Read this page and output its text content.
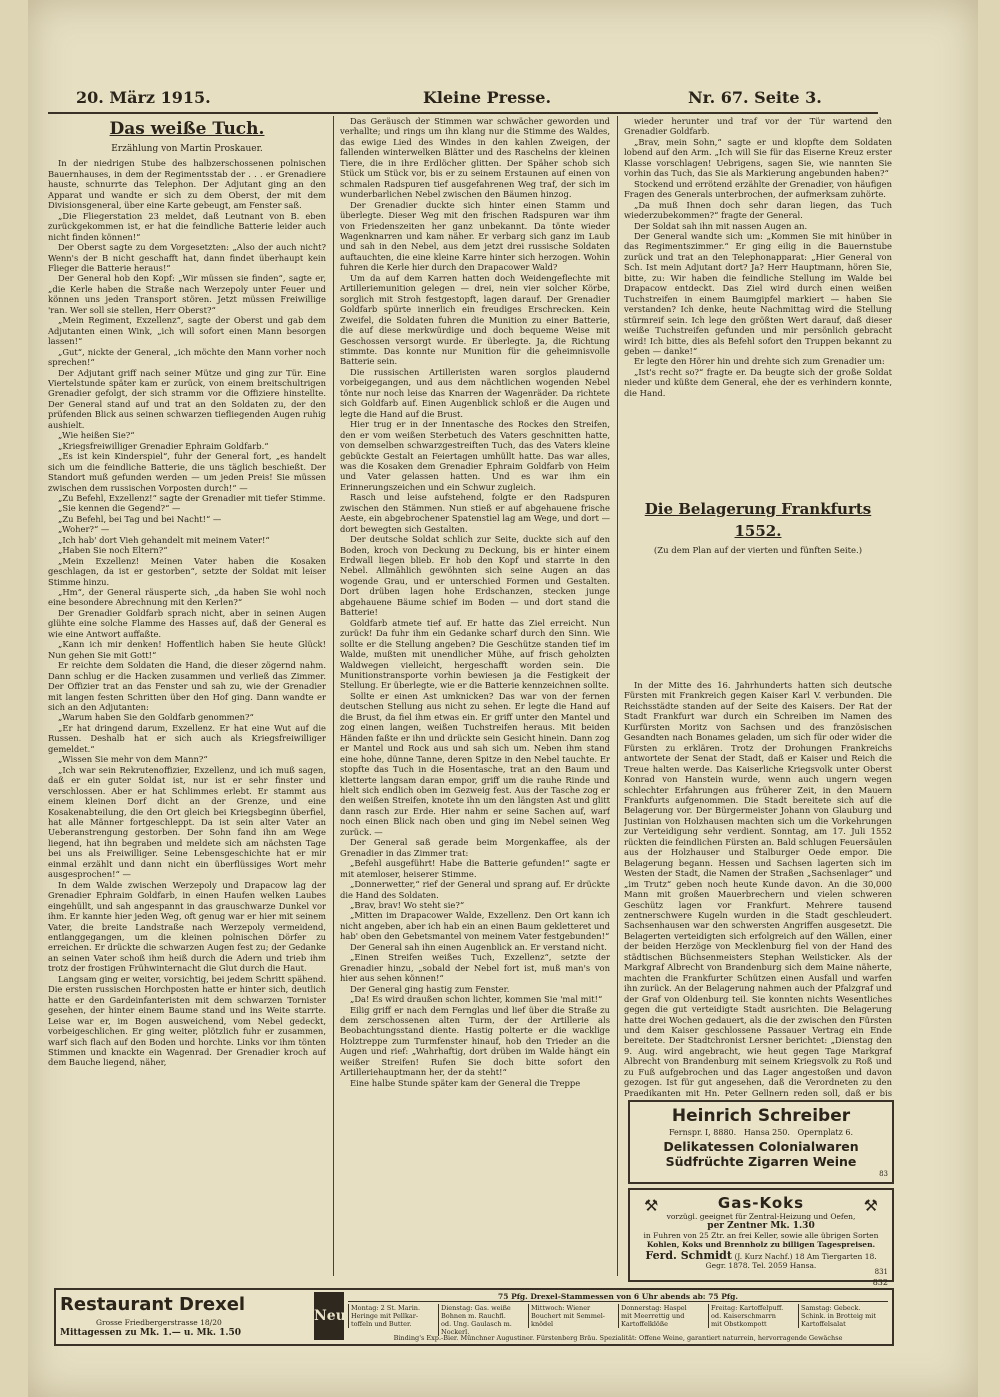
20. März 1915.	Kleine Presse.	Nr. 67. Seite 3.
Das weiße Tuch.
Erzählung von Martin Proskauer.

In der niedrigen Stube des halbzerschossenen polnischen Bauernhauses, in dem der Regimentsstab der . . . er Grenadiere hauste, schnurrte das Telephon. Der Adjutant ging an den Apparat und wandte er sich zu dem Oberst, der mit dem Divisionsgeneral, über eine Karte gebeugt, am Fenster saß.

„Die Fliegerstation 23 meldet, daß Leutnant von B. eben zurückgekommen ist, er hat die feindliche Batterie leider auch nicht finden können!“

Der Oberst sagte zu dem Vorgesetzten: „Also der auch nicht? Wenn's der B nicht geschafft hat, dann findet überhaupt kein Flieger die Batterie heraus!“

Der General hob den Kopf: „Wir müssen sie finden“, sagte er, „die Kerle haben die Straße nach Werzepoly unter Feuer und können uns jeden Transport stören. Jetzt müssen Freiwillige 'ran. Wer soll sie stellen, Herr Oberst?“

„Mein Regiment, Exzellenz“, sagte der Oberst und gab dem Adjutanten einen Wink, „ich will sofort einen Mann besorgen lassen!“

„Gut“, nickte der General, „ich möchte den Mann vorher noch sprechen!“

Der Adjutant griff nach seiner Mütze und ging zur Tür. Eine Viertelstunde später kam er zurück, von einem breitschultrigen Grenadier gefolgt, der sich stramm vor die Offiziere hinstellte. Der General stand auf und trat an den Soldaten zu, der den prüfenden Blick aus seinen schwarzen tiefliegenden Augen ruhig aushielt.

„Wie heißen Sie?“

„Kriegsfreiwilliger Grenadier Ephraim Goldfarb.“

„Es ist kein Kinderspiel“, fuhr der General fort, „es handelt sich um die feindliche Batterie, die uns täglich beschießt. Der Standort muß gefunden werden — um jeden Preis! Sie müssen zwischen dem russischen Vorposten durch!“ —

„Zu Befehl, Exzellenz!“ sagte der Grenadier mit tiefer Stimme.

„Sie kennen die Gegend?“ —

„Zu Befehl, bei Tag und bei Nacht!“ —

„Woher?“ —

„Ich hab' dort Vieh gehandelt mit meinem Vater!“

„Haben Sie noch Eltern?“

„Mein Exzellenz! Meinen Vater haben die Kosaken geschlagen, da ist er gestorben“, setzte der Soldat mit leiser Stimme hinzu.

„Hm“, der General räusperte sich, „da haben Sie wohl noch eine besondere Abrechnung mit den Kerlen?“

Der Grenadier Goldfarb sprach nicht, aber in seinen Augen glühte eine solche Flamme des Hasses auf, daß der General es wie eine Antwort auffaßte.

„Kann ich mir denken! Hoffentlich haben Sie heute Glück! Nun gehen Sie mit Gott!“

Er reichte dem Soldaten die Hand, die dieser zögernd nahm. Dann schlug er die Hacken zusammen und verließ das Zimmer. Der Offizier trat an das Fenster und sah zu, wie der Grenadier mit langen festen Schritten über den Hof ging. Dann wandte er sich an den Adjutanten:

„Warum haben Sie den Goldfarb genommen?“

„Er hat dringend darum, Exzellenz. Er hat eine Wut auf die Russen. Deshalb hat er sich auch als Kriegsfreiwilliger gemeldet.“

„Wissen Sie mehr von dem Mann?“

„Ich war sein Rekrutenoffizier, Exzellenz, und ich muß sagen, daß er ein guter Soldat ist, nur ist er sehr finster und verschlossen. Aber er hat Schlimmes erlebt. Er stammt aus einem kleinen Dorf dicht an der Grenze, und eine Kosakenabteilung, die den Ort gleich bei Kriegsbeginn überfiel, hat alle Männer fortgeschleppt. Da ist sein alter Vater an Ueberanstrengung gestorben. Der Sohn fand ihn am Wege liegend, hat ihn begraben und meldete sich am nächsten Tage bei uns als Freiwilliger. Seine Lebensgeschichte hat er mir einmal erzählt und dann nicht ein überflüssiges Wort mehr ausgesprochen!“ —

In dem Walde zwischen Werzepoly und Drapacow lag der Grenadier Ephraim Goldfarb, in einen Haufen welken Laubes eingehüllt, und sah angespannt in das grauschwarze Dunkel vor ihm. Er kannte hier jeden Weg, oft genug war er hier mit seinem Vater, die breite Landstraße nach Werzepoly vermeidend, entlanggegangen, um die kleinen polnischen Dörfer zu erreichen. Er drückte die schwarzen Augen fest zu; der Gedanke an seinen Vater schoß ihm heiß durch die Adern und trieb ihm trotz der frostigen Frühwinternacht die Glut durch die Haut.

Langsam ging er weiter, vorsichtig, bei jedem Schritt spähend. Die ersten russischen Horchposten hatte er hinter sich, deutlich hatte er den Gardeinfanteristen mit dem schwarzen Tornister gesehen, der hinter einem Baume stand und ins Weite starrte. Leise war er, im Bogen ausweichend, vom Nebel gedeckt, vorbeigeschlichen. Er ging weiter, plötzlich fuhr er zusammen, warf sich flach auf den Boden und horchte. Links vor ihm tönten Stimmen und knackte ein Wagenrad. Der Grenadier kroch auf dem Bauche liegend, näher,

Das Geräusch der Stimmen war schwächer geworden und verhallte; und rings um ihn klang nur die Stimme des Waldes, das ewige Lied des Windes in den kahlen Zweigen, der fallenden winterwelken Blätter und des Raschelns der kleinen Tiere, die in ihre Erdlöcher glitten. Der Späher schob sich Stück um Stück vor, bis er zu seinem Erstaunen auf einen von schmalen Radspuren tief ausgefahrenen Weg traf, der sich im wunderbarlichen Nebel zwischen den Bäumen hinzog.

Der Grenadier duckte sich hinter einen Stamm und überlegte. Dieser Weg mit den frischen Radspuren war ihm von Friedenszeiten her ganz unbekannt. Da tönte wieder Wagenknarren und kam näher. Er verbarg sich ganz im Laub und sah in den Nebel, aus dem jetzt drei russische Soldaten auftauchten, die eine kleine Karre hinter sich herzogen. Wohin fuhren die Kerle hier durch den Drapacower Wald?

Um da auf dem Karren hatten doch Weidengeflechte mit Artilleriemunition gelegen — drei, nein vier solcher Körbe, sorglich mit Stroh festgestopft, lagen darauf. Der Grenadier Goldfarb spürte innerlich ein freudiges Erschrecken. Kein Zweifel, die Soldaten fuhren die Munition zu einer Batterie, die auf diese merkwürdige und doch bequeme Weise mit Geschossen versorgt wurde. Er überlegte. Ja, die Richtung stimmte. Das konnte nur Munition für die geheimnisvolle Batterie sein.

Die russischen Artilleristen waren sorglos plaudernd vorbeigegangen, und aus dem nächtlichen wogenden Nebel tönte nur noch leise das Knarren der Wagenräder. Da richtete sich Goldfarb auf. Einen Augenblick schloß er die Augen und legte die Hand auf die Brust.

Hier trug er in der Innentasche des Rockes den Streifen, den er vom weißen Sterbetuch des Vaters geschnitten hatte, von demselben schwarzgestreiften Tuch, das des Vaters kleine gebückte Gestalt an Feiertagen umhüllt hatte. Das war alles, was die Kosaken dem Grenadier Ephraim Goldfarb von Heim und Vater gelassen hatten. Und es war ihm ein Erinnerungszeichen und ein Schwur zugleich.

Rasch und leise aufstehend, folgte er den Radspuren zwischen den Stämmen. Nun stieß er auf abgehauene frische Aeste, ein abgebrochener Spatenstiel lag am Wege, und dort — dort bewegten sich Gestalten.

Der deutsche Soldat schlich zur Seite, duckte sich auf den Boden, kroch von Deckung zu Deckung, bis er hinter einem Erdwall liegen blieb. Er hob den Kopf und starrte in den Nebel. Allmählich gewöhnten sich seine Augen an das wogende Grau, und er unterschied Formen und Gestalten. Dort drüben lagen hohe Erdschanzen, stecken junge abgehauene Bäume schief im Boden — und dort stand die Batterie!

Goldfarb atmete tief auf. Er hatte das Ziel erreicht. Nun zurück! Da fuhr ihm ein Gedanke scharf durch den Sinn. Wie sollte er die Stellung angeben? Die Geschütze standen tief im Walde, mußten mit unendlicher Mühe, auf frisch geholzten Waldwegen vielleicht, hergeschafft worden sein. Die Munitionstransporte vorhin bewiesen ja die Festigkeit der Stellung. Er überlegte, wie er die Batterie kennzeichnen sollte.

Sollte er einen Ast umknicken? Das war von der fernen deutschen Stellung aus nicht zu sehen. Er legte die Hand auf die Brust, da fiel ihm etwas ein. Er griff unter den Mantel und zog einen langen, weißen Tuchstreifen heraus. Mit beiden Händen faßte er ihn und drückte sein Gesicht hinein. Dann zog er Mantel und Rock aus und sah sich um. Neben ihm stand eine hohe, dünne Tanne, deren Spitze in den Nebel tauchte. Er stopfte das Tuch in die Hosentasche, trat an den Baum und kletterte langsam daran empor, griff um die rauhe Rinde und hielt sich endlich oben im Gezweig fest. Aus der Tasche zog er den weißen Streifen, knotete ihn um den längsten Ast und glitt dann rasch zur Erde. Hier nahm er seine Sachen auf, warf noch einen Blick nach oben und ging im Nebel seinen Weg zurück. —

Der General saß gerade beim Morgenkaffee, als der Grenadier in das Zimmer trat:

„Befehl ausgeführt! Habe die Batterie gefunden!“ sagte er mit atemloser, heiserer Stimme.

„Donnerwetter,“ rief der General und sprang auf. Er drückte die Hand des Soldaten.

„Brav, brav! Wo steht sie?“

„Mitten im Drapacower Walde, Exzellenz. Den Ort kann ich nicht angeben, aber ich hab ein an einen Baum gekletteret und hab' oben den Gebetsmantel von meinem Vater festgebunden!“

Der General sah ihn einen Augenblick an. Er verstand nicht.

„Einen Streifen weißes Tuch, Exzellenz“, setzte der Grenadier hinzu, „sobald der Nebel fort ist, muß man's von hier aus sehen können!“

Der General ging hastig zum Fenster.

„Da! Es wird draußen schon lichter, kommen Sie 'mal mit!“

Eilig griff er nach dem Fernglas und lief über die Straße zu dem zerschossenen alten Turm, der der Artillerie als Beobachtungsstand diente. Hastig polterte er die wacklige Holztreppe zum Turmfenster hinauf, hob den Trieder an die Augen und rief: „Wahrhaftig, dort drüben im Walde hängt ein weißer Streifen! Rufen Sie doch bitte sofort den Artilleriehauptmann her, der da steht!“

Eine halbe Stunde später kam der General die Treppe

wieder herunter und traf vor der Tür wartend den Grenadier Goldfarb.

„Brav, mein Sohn,“ sagte er und klopfte dem Soldaten lobend auf den Arm. „Ich will Sie für das Eiserne Kreuz erster Klasse vorschlagen! Uebrigens, sagen Sie, wie nannten Sie vorhin das Tuch, das Sie als Markierung angebunden haben?“

Stockend und errötend erzählte der Grenadier, von häufigen Fragen des Generals unterbrochen, der aufmerksam zuhörte.

„Da muß Ihnen doch sehr daran liegen, das Tuch wiederzubekommen?“ fragte der General.

Der Soldat sah ihn mit nassen Augen an.

Der General wandte sich um: „Kommen Sie mit hinüber in das Regimentszimmer.“ Er ging eilig in die Bauernstube zurück und trat an den Telephonapparat: „Hier General von Sch. Ist mein Adjutant dort? Ja? Herr Hauptmann, hören Sie, bitte, zu: Wir haben die feindliche Stellung im Walde bei Drapacow entdeckt. Das Ziel wird durch einen weißen Tuchstreifen in einem Baumgipfel markiert — haben Sie verstanden? Ich denke, heute Nachmittag wird die Stellung stürmreif sein. Ich lege den größten Wert darauf, daß dieser weiße Tuchstreifen gefunden und mir persönlich gebracht wird! Ich bitte, dies als Befehl sofort den Truppen bekannt zu geben — danke!“

Er legte den Hörer hin und drehte sich zum Grenadier um:

„Ist's recht so?“ fragte er. Da beugte sich der große Soldat nieder und küßte dem General, ehe der es verhindern konnte, die Hand.

Die Belagerung Frankfurts 1552.
(Zu dem Plan auf der vierten und fünften Seite.)

In der Mitte des 16. Jahrhunderts hatten sich deutsche Fürsten mit Frankreich gegen Kaiser Karl V. verbunden. Die Reichsstädte standen auf der Seite des Kaisers. Der Rat der Stadt Frankfurt war durch ein Schreiben im Namen des Kurfürsten Moritz von Sachsen und des französischen Gesandten nach Bonames geladen, um sich für oder wider die Fürsten zu erklären. Trotz der Drohungen Frankreichs antwortete der Senat der Stadt, daß er Kaiser und Reich die Treue halten werde. Das Kaiserliche Kriegsvolk unter Oberst Konrad von Hanstein wurde, wenn auch ungern wegen schlechter Erfahrungen aus früherer Zeit, in den Mauern Frankfurts aufgenommen. Die Stadt bereitete sich auf die Belagerung vor. Der Bürgermeister Johann von Glauburg und Justinian von Holzhausen machten sich um die Vorkehrungen zur Verteidigung sehr verdient. Sonntag, am 17. Juli 1552 rückten die feindlichen Fürsten an. Bald schlugen Feuersäulen aus der Holzhauser und Stalburger Oede empor. Die Belagerung begann. Hessen und Sachsen lagerten sich im Westen der Stadt, die Namen der Straßen „Sachsenlager“ und „im Trutz“ geben noch heute Kunde davon. An die 30,000 Mann mit großen Mauerbrechern und vielen schweren Geschütz lagen vor Frankfurt. Mehrere tausend zentnerschwere Kugeln wurden in die Stadt geschleudert. Sachsenhausen war den schwersten Angriffen ausgesetzt. Die Belagerten verteidigten sich erfolgreich auf den Wällen, einer der beiden Herzöge von Mecklenburg fiel von der Hand des städtischen Büchsenmeisters Stephan Weilsticker. Als der Markgraf Albrecht von Brandenburg sich dem Maine näherte, machten die Frankfurter Schützen einen Ausfall und warfen ihn zurück. An der Belagerung nahmen auch der Pfalzgraf und der Graf von Oldenburg teil. Sie konnten nichts Wesentliches gegen die gut verteidigte Stadt ausrichten. Die Belagerung hatte drei Wochen gedauert, als die der zwischen den Fürsten und dem Kaiser geschlossene Passauer Vertrag ein Ende bereitete. Der Stadtchronist Lersner berichtet: „Dienstag den 9. Aug. wird angebracht, wie heut gegen Tage Markgraf Albrecht von Brandenburg mit seinem Kriegsvolk zu Roß und zu Fuß aufgebrochen und das Lager angestoßen und davon gezogen. Ist für gut angesehen, daß die Verordneten zu den Praedikanten mit Hn. Peter Gellnern reden soll, daß er bis

Heinrich Schreiber
Fernspr. I, 8880. Hansa 250. Opernplatz 6.
Delikatessen Colonialwaren
Südfrüchte Zigarren Weine
83
⚒	⚒
Gas-Koks
vorzügl. geeignet für Zentral-Heizung und Oefen,
per Zentner Mk. 1.30
in Fuhren von 25 Ztr. an frei Keller, sowie alle übrigen Sorten
Kohlen, Koks und Brennholz zu billigen Tagespreisen.
Ferd. Schmidt (J. Kurz Nachf.) 18 Am Tiergarten 18.
Gegr. 1878. Tel. 2059 Hansa.
831
Restaurant Drexel
Grosse Friedbergerstrasse 18/20
Mittagessen zu Mk. 1.— u. Mk. 1.50
Neu
75 Pfg. Drexel-Stammessen von 6 Uhr abends ab: 75 Pfg.
Montag: 2 St. Marin. Heringe mit Pellkar-toffeln und Butter.
Dienstag: Gas. weiße Bohnen m. Rauchfl. od. Ung. Gaulasch m. Nockerl.
Mittwoch: Wiener Bouchert mit Semmel-knödel
Donnerstag: Haspel mit Meerrettig und Kartoffelklöße
Freitag: Kartoffelpuff. od. Kaiserschmarrn mit Obstkompott
Samstag: Gebeck. Schink. in Brotteig mit Kartoffelsalat
Binding's Exp.-Bier. Münchner Augustiner. Fürstenberg Bräu. Spezialität: Offene Weine, garantiert naturrein, hervorragende Gewächse
832
